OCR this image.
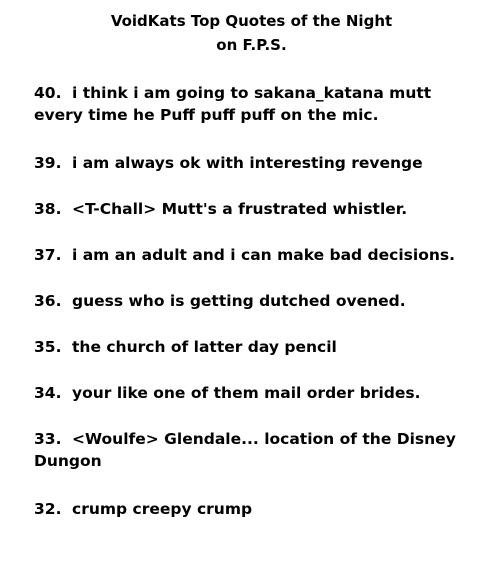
VoidKats Top Quotes of the Night
on F.P.S.
40. i think i am going to sakana_katana mutt every time he Puff puff puff on the mic.
39. i am always ok with interesting revenge
38. <T-Chall> Mutt's a frustrated whistler.
37. i am an adult and i can make bad decisions.
36. guess who is getting dutched ovened.
35. the church of latter day pencil
34. your like one of them mail order brides.
33. <Woulfe> Glendale... location of the Disney Dungon
32. crump creepy crump
